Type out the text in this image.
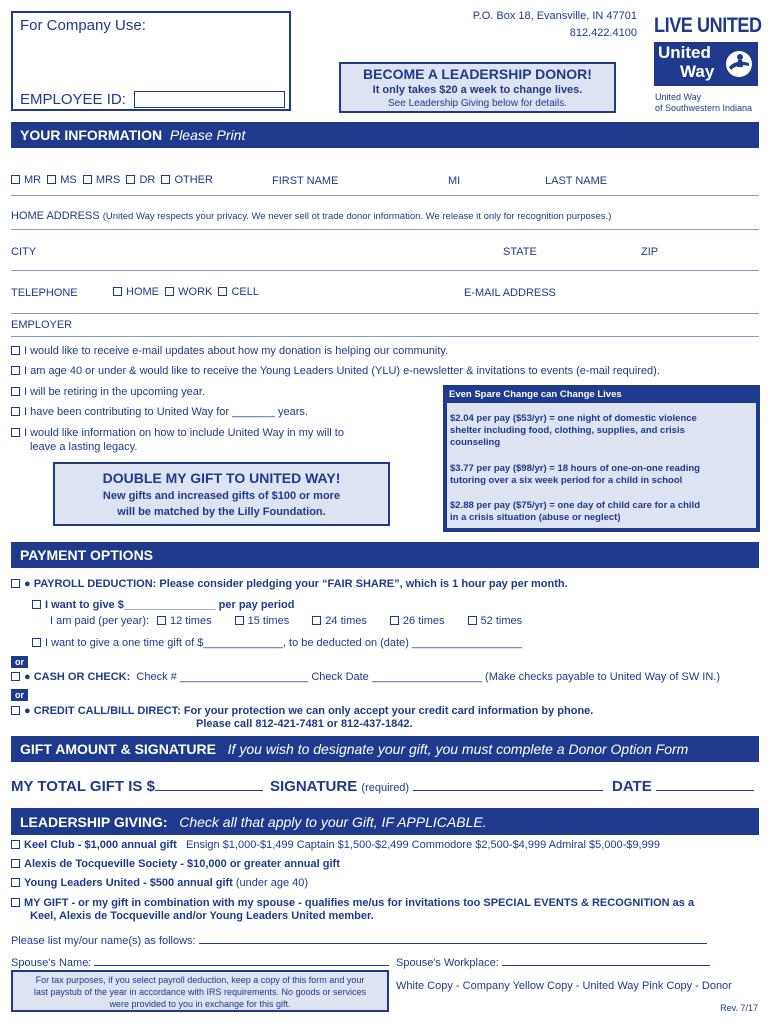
For Company Use:
EMPLOYEE ID:
P.O. Box 18, Evansville, IN 47701
812.422.4100 LIVE UNITED
United
Way
United Way
of Southwestern Indiana
BECOME A LEADERSHIP DONOR!
It only takes $20 a week to change lives.
See Leadership Giving below for details.
YOUR INFORMATION Please Print
MR MS MRS DR OTHER	FIRST NAME	MI	LAST NAME
HOME ADDRESS (United Way respects your privacy. We never sell ot trade donor information. We release it only for recognition purposes.)
CITY	STATE	ZIP
TELEPHONE	HOME WORK CELL	E-MAIL ADDRESS
EMPLOYER
I would like to receive e-mail updates about how my donation is helping our community.
I am age 40 or under & would like to receive the Young Leaders United (YLU) e-newsletter & invitations to events (e-mail required).
I will be retiring in the upcoming year.
I have been contributing to United Way for _______ years.
I would like information on how to include United Way in my will to
leave a lasting legacy.
DOUBLE MY GIFT TO UNITED WAY!
New gifts and increased gifts of $100 or more
will be matched by the Lilly Foundation.
Even Spare Change can Change Lives
$2.04 per pay ($53/yr) = one night of domestic violence
shelter including food, clothing, supplies, and crisis
counseling
$3.77 per pay ($98/yr) = 18 hours of one-on-one reading
tutoring over a six week period for a child in school
$2.88 per pay ($75/yr) = one day of child care for a child
in a crisis situation (abuse or neglect)
PAYMENT OPTIONS
● PAYROLL DEDUCTION: Please consider pledging your “FAIR SHARE”, which is 1 hour pay per month.
I want to give $_______________ per pay period
I am paid (per year):	12 times	15 times	24 times	26 times	52 times
I want to give a one time gift of $_____________, to be deducted on (date) __________________
or
● CASH OR CHECK: Check # _____________________ Check Date __________________ (Make checks payable to United Way of SW IN.)
or
● CREDIT CALL/BILL DIRECT: For your protection we can only accept your credit card information by phone.
Please call 812-421-7481 or 812-437-1842.
GIFT AMOUNT & SIGNATURE If you wish to designate your gift, you must complete a Donor Option Form
MY TOTAL GIFT IS $	SIGNATURE (required)	DATE
LEADERSHIP GIVING: Check all that apply to your Gift, IF APPLICABLE.
Keel Club - $1,000 annual gift Ensign $1,000-$1,499 Captain $1,500-$2,499 Commodore $2,500-$4,999 Admiral $5,000-$9,999
Alexis de Tocqueville Society - $10,000 or greater annual gift
Young Leaders United - $500 annual gift (under age 40)
MY GIFT - or my gift in combination with my spouse - qualifies me/us for invitations too SPECIAL EVENTS & RECOGNITION as a
Keel, Alexis de Tocqueville and/or Young Leaders United member.
Please list my/our name(s) as follows:
Spouse's Name:	Spouse's Workplace:
For tax purposes, if you select payroll deduction, keep a copy of this form and your
last paystub of the year in accordance with IRS requirements. No goods or services
were provided to you in exchange for this gift.
White Copy - Company Yellow Copy - United Way Pink Copy - Donor
Rev. 7/17
